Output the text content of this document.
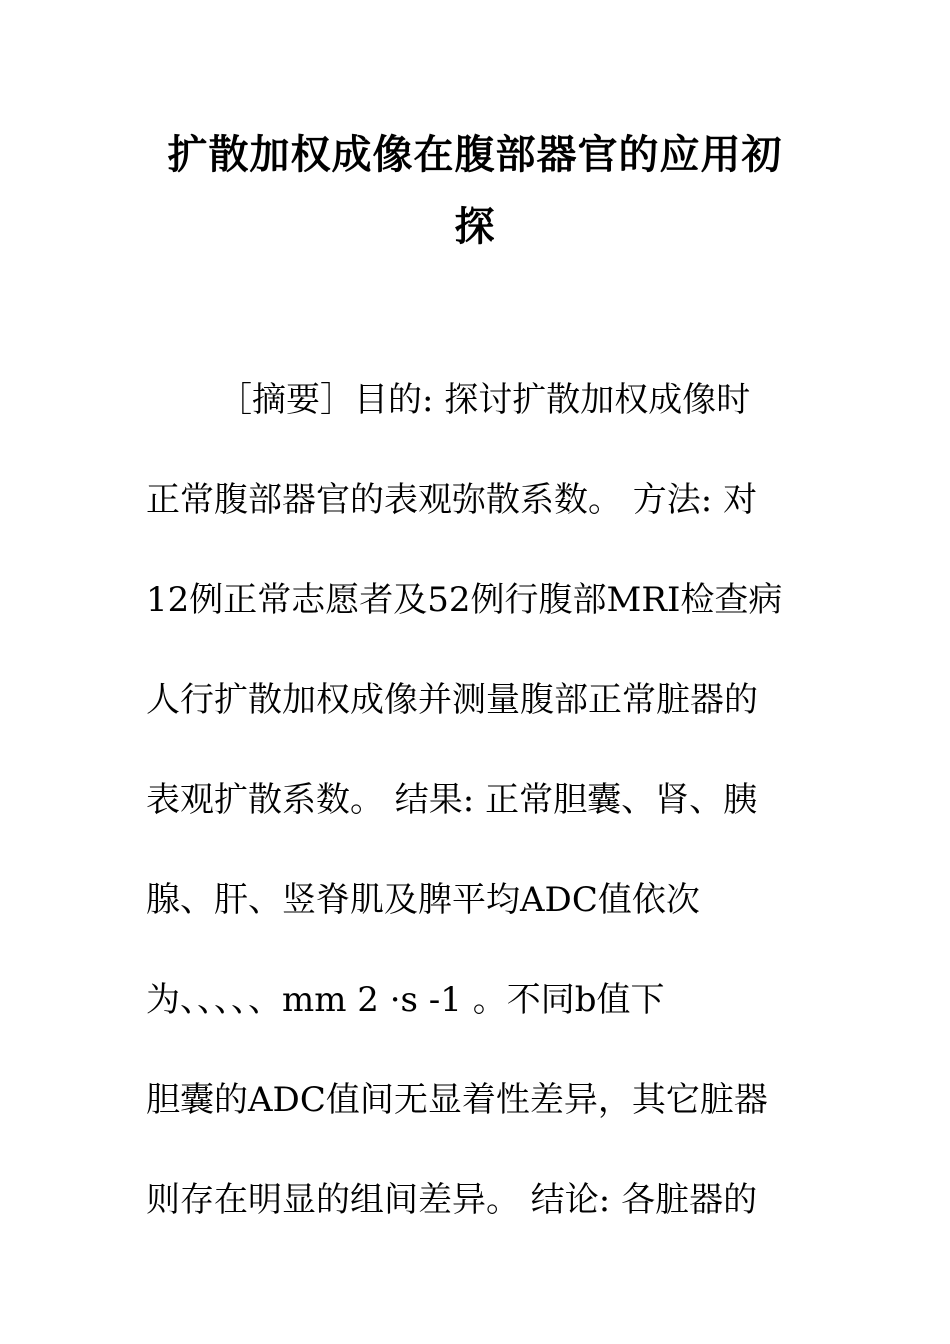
扩散加权成像在腹部器官的应用初
探

［摘要］目的: 探讨扩散加权成像时

正常腹部器官的表观弥散系数。 方法: 对

12例正常志愿者及52例行腹部MRI检查病

人行扩散加权成像并测量腹部正常脏器的

表观扩散系数。 结果: 正常胆囊、肾、胰

腺、肝、竖脊肌及脾平均ADC值依次

为、、、、、mm 2 ·s -1 。不同b值下

胆囊的ADC值间无显着性差异，其它脏器

则存在明显的组间差异。 结论: 各脏器的
